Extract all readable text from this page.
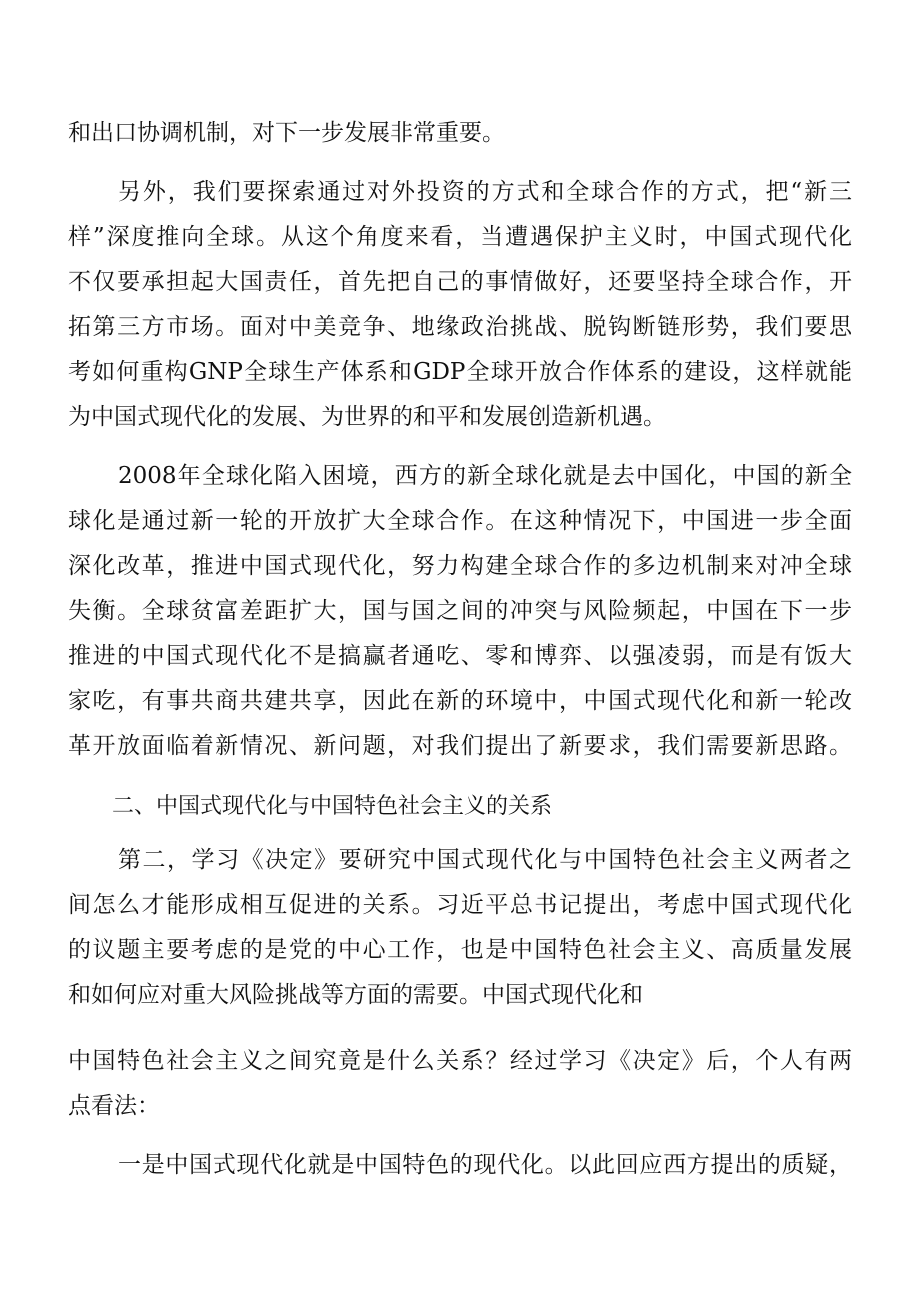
和出口协调机制，对下一步发展非常重要。
另外，我们要探索通过对外投资的方式和全球合作的方式，把“新三
样”深度推向全球。从这个角度来看，当遭遇保护主义时，中国式现代化
不仅要承担起大国责任，首先把自己的事情做好，还要坚持全球合作，开
拓第三方市场。面对中美竞争、地缘政治挑战、脱钩断链形势，我们要思
考如何重构GNP全球生产体系和GDP全球开放合作体系的建设，这样就能
为中国式现代化的发展、为世界的和平和发展创造新机遇。
2008年全球化陷入困境，西方的新全球化就是去中国化，中国的新全
球化是通过新一轮的开放扩大全球合作。在这种情况下，中国进一步全面
深化改革，推进中国式现代化，努力构建全球合作的多边机制来对冲全球
失衡。全球贫富差距扩大，国与国之间的冲突与风险频起，中国在下一步
推进的中国式现代化不是搞赢者通吃、零和博弈、以强凌弱，而是有饭大
家吃，有事共商共建共享，因此在新的环境中，中国式现代化和新一轮改
革开放面临着新情况、新问题，对我们提出了新要求，我们需要新思路。
二、中国式现代化与中国特色社会主义的关系
第二，学习《决定》要研究中国式现代化与中国特色社会主义两者之
间怎么才能形成相互促进的关系。习近平总书记提出，考虑中国式现代化
的议题主要考虑的是党的中心工作，也是中国特色社会主义、高质量发展
和如何应对重大风险挑战等方面的需要。中国式现代化和
中国特色社会主义之间究竟是什么关系？经过学习《决定》后，个人有两
点看法：
一是中国式现代化就是中国特色的现代化。以此回应西方提出的质疑，
